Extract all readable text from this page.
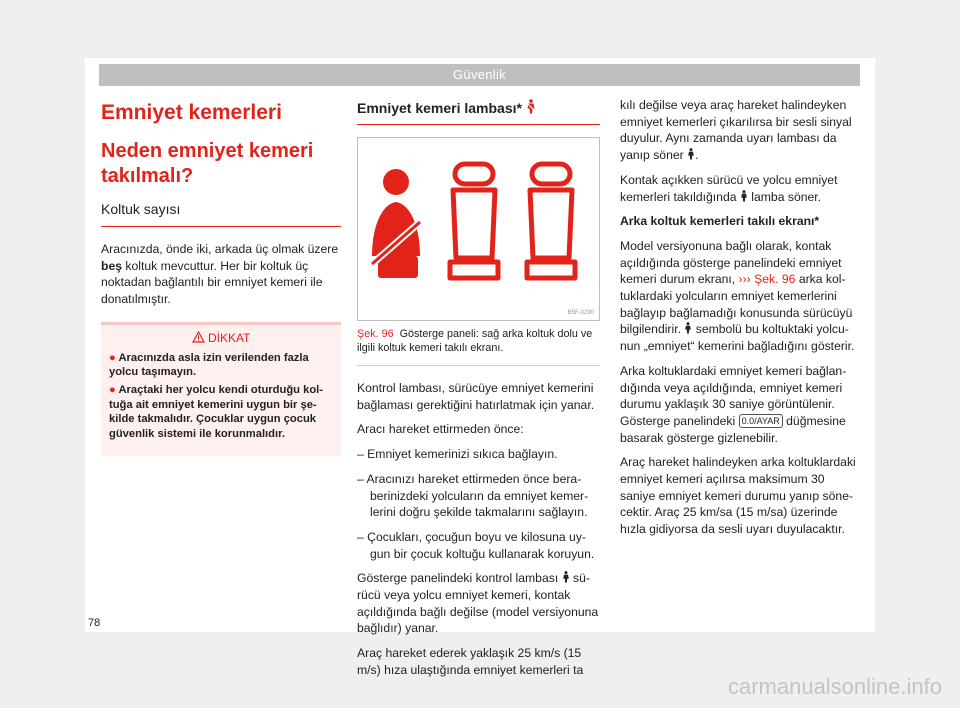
Güvenlik
Emniyet kemerleri
Neden emniyet kemeri takılmalı?
Koltuk sayısı
Aracınızda, önde iki, arkada üç olmak üzere beş koltuk mevcuttur. Her bir koltuk üç noktadan bağlantılı bir emniyet kemeri ile donatılmıştır.
DİKKAT
● Aracınızda asla izin verilenden fazla yolcu taşımayın.
● Araçtaki her yolcu kendi oturduğu koltuğa ait emniyet kemerini uygun bir şekilde takmalıdır. Çocuklar uygun çocuk güvenlik sistemi ile korunmalıdır.
Emniyet kemeri lambası*
B5F-0290
Şek. 96 Gösterge paneli: sağ arka koltuk dolu ve ilgili koltuk kemeri takılı ekranı.
Kontrol lambası, sürücüye emniyet kemerini bağlaması gerektiğini hatırlatmak için yanar.
Aracı hareket ettirmeden önce:
– Emniyet kemerinizi sıkıca bağlayın.
– Aracınızı hareket ettirmeden önce beraberinizdeki yolcuların da emniyet kemerlerini doğru şekilde takmalarını sağlayın.
– Çocukları, çocuğun boyu ve kilosuna uygun bir çocuk koltuğu kullanarak koruyun.
Gösterge panelindeki kontrol lambası  sürücü veya yolcu emniyet kemeri, kontak açıldığında bağlı değilse (model versiyonuna bağlıdır) yanar.
Araç hareket ederek yaklaşık 25 km/s (15 m/s) hıza ulaştığında emniyet kemerleri ta
kılı değilse veya araç hareket halindeyken emniyet kemerleri çıkarılırsa bir sesli sinyal duyulur. Aynı zamanda uyarı lambası da yanıp söner .
Kontak açıkken sürücü ve yolcu emniyet kemerleri takıldığında  lamba söner.
Arka koltuk kemerleri takılı ekranı*
Model versiyonuna bağlı olarak, kontak açıldığında gösterge panelindeki emniyet kemeri durum ekranı, ››› Şek. 96 arka koltuklardaki yolcuların emniyet kemerlerini bağlayıp bağlamadığı konusunda sürücüyü bilgilendirir.  sembolü bu koltuktaki yolcunun „emniyet“ kemerini bağladığını gösterir.
Arka koltuklardaki emniyet kemeri bağlandığında veya açıldığında, emniyet kemeri durumu yaklaşık 30 saniye görüntülenir. Gösterge panelindeki 0.0/AYAR düğmesine basarak gösterge gizlenebilir.
Araç hareket halindeyken arka koltuklardaki emniyet kemeri açılırsa maksimum 30 saniye emniyet kemeri durumu yanıp sönecektir. Araç 25 km/sa (15 m/sa) üzerinde hızla gidiyorsa da sesli uyarı duyulacaktır.
78
carmanualsonline.info
